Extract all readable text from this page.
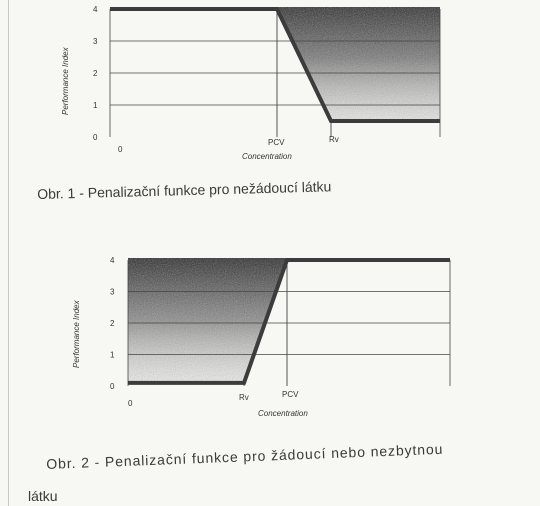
0
1
2
3
4
0
PCV	Rv
Concentration
Performance Index
0
1
2
3
4
0
Rv	PCV
Concentration
Performance Index
Obr. 1 - Penalizační funkce pro nežádoucí látku
Obr. 2 - Penalizační funkce pro žádoucí nebo nezbytnou
látku
